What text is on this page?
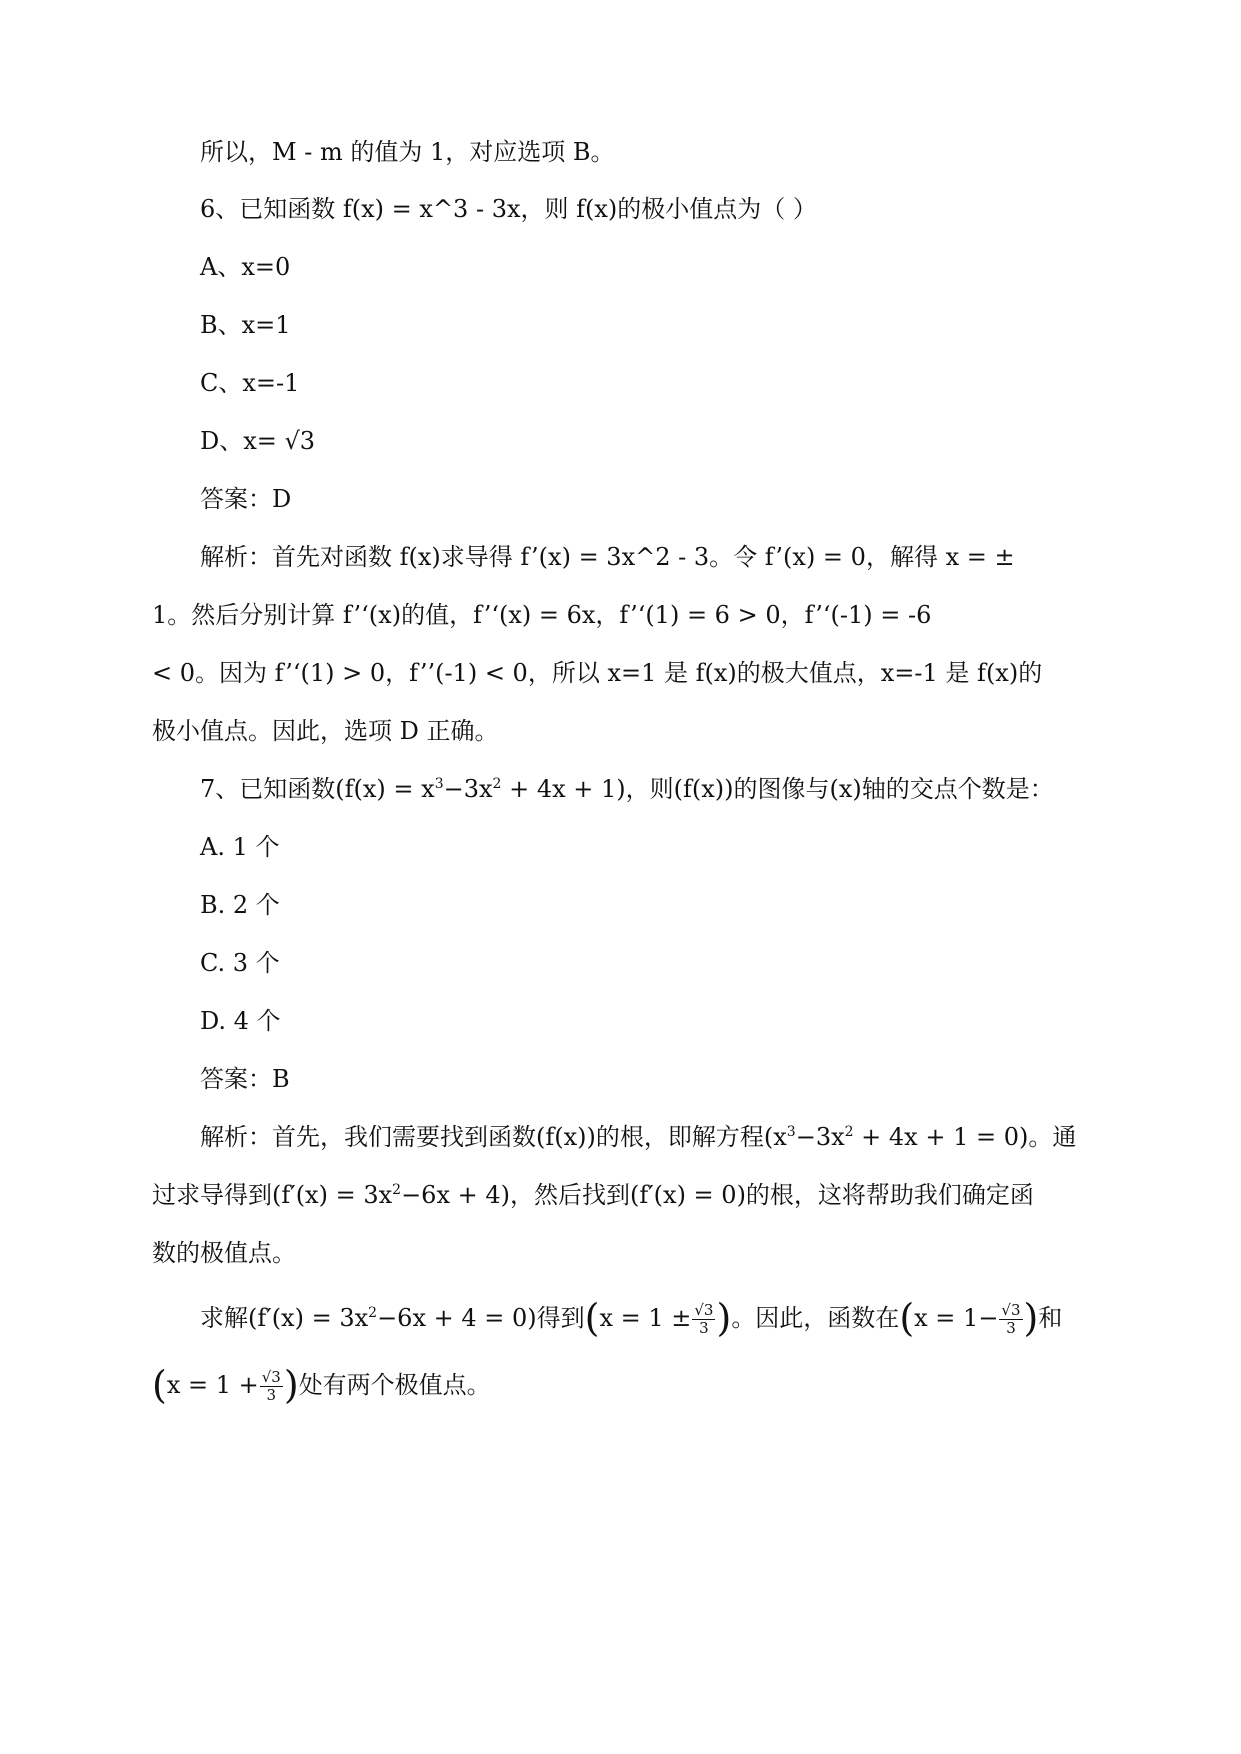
所以，M - m 的值为 1，对应选项 B。
6、已知函数 f(x) = x^3 - 3x，则 f(x)的极小值点为（ ）
A、x=0
B、x=1
C、x=-1
D、x= √3
答案：D
解析：首先对函数 f(x)求导得 f’(x) = 3x^2 - 3。令 f’(x) = 0，解得 x = ±
1。然后分别计算 f’‘(x)的值，f’‘(x) = 6x，f’‘(1) = 6 > 0，f’‘(-1) = -6
< 0。因为 f’‘(1) > 0，f’’(-1) < 0，所以 x=1 是 f(x)的极大值点，x=-1 是 f(x)的
极小值点。因此，选项 D 正确。
7、已知函数$(f(x) = x^3-3x^2 + 4x + 1)$，则(f(x))的图像与(x)轴的交点个数是：
A. 1 个
B. 2 个
C. 3 个
D. 4 个
答案：B
解析：首先，我们需要找到函数(f(x))的根，即解方程$(x^3-3x^2 + 4x + 1 = 0)$。通
过求导得到$(f'(x) = 3x^2-6x + 4)$，然后找到(f′(x) = 0)的根，这将帮助我们确定函
数的极值点。
求解$(f'(x) = 3x^2-6x + 4 = 0)$得到($x = 1 \pm \frac{√3}{3}$ )。因此，函数在($x = 1- \frac{√3}{3}$ )和
($x = 1 + \frac{√3}{3}$ )处有两个极值点。
